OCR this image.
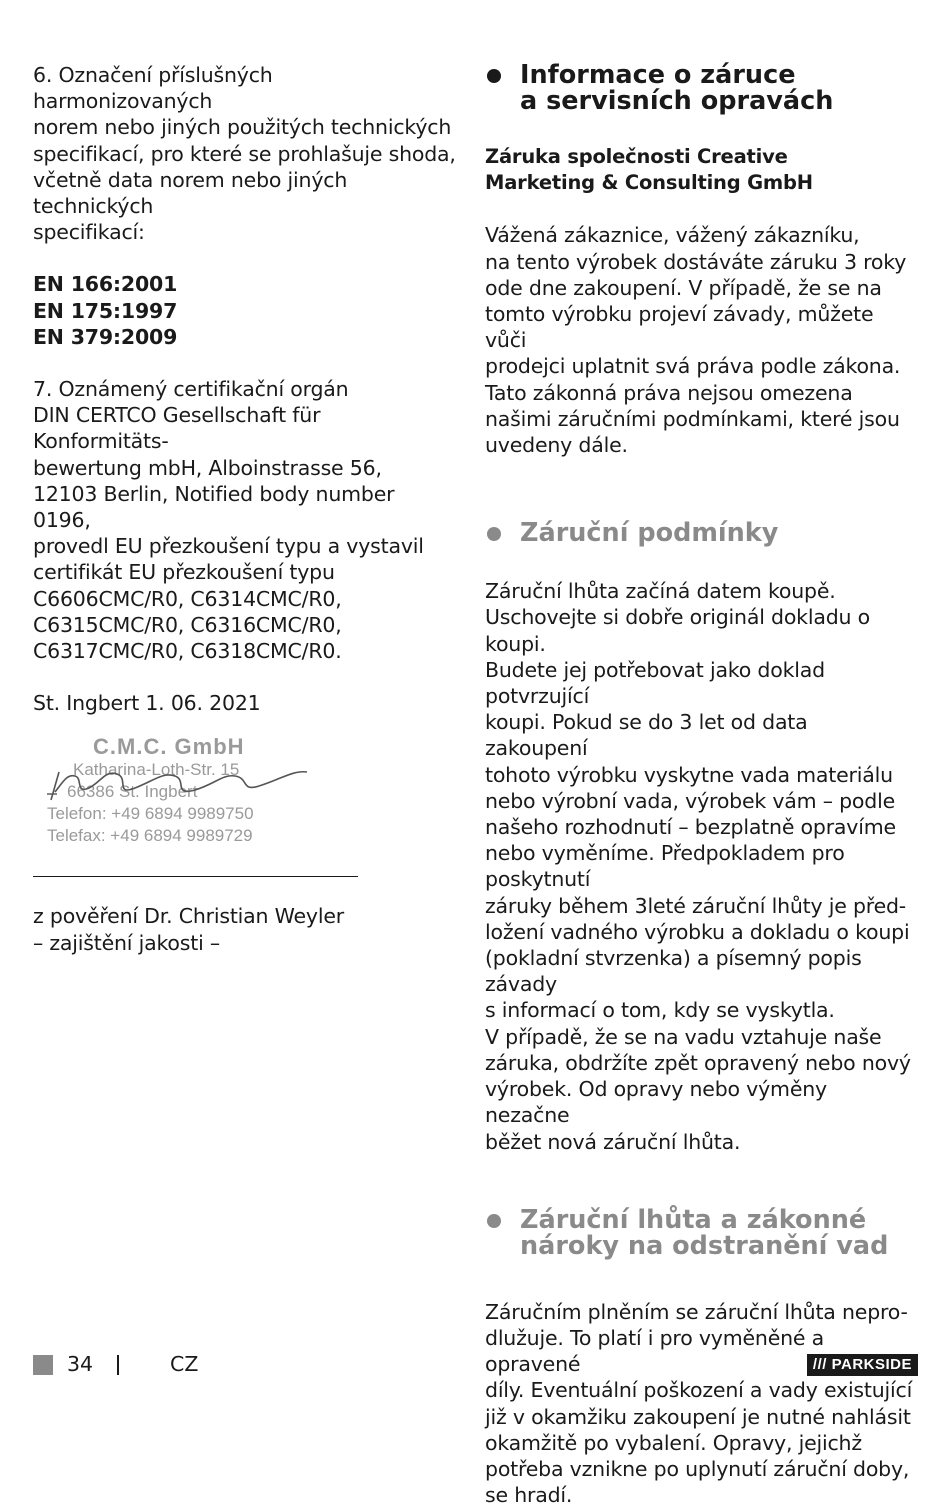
6. Označení příslušných harmonizovaných

norem nebo jiných použitých technických

specifikací, pro které se prohlašuje shoda,

včetně data norem nebo jiných technických

specifikací:

EN 166:2001

EN 175:1997

EN 379:2009

7. Oznámený certifikační orgán

DIN CERTCO Gesellschaft für Konformitäts-

bewertung mbH, Alboinstrasse 56,

12103 Berlin, Notified body number 0196,

provedl EU přezkoušení typu a vystavil

certifikát EU přezkoušení typu

C6606CMC/R0, C6314CMC/R0,

C6315CMC/R0, C6316CMC/R0,

C6317CMC/R0, C6318CMC/R0.

St. Ingbert 1. 06. 2021

C.M.C. GmbH
Katharina-Loth-Str. 15
66386 St. Ingbert
Telefon: +49 6894 9989750
Telefax: +49 6894 9989729

z pověření Dr. Christian Weyler

– zajištění jakosti –

Informace o záruce
a servisních opravách

Záruka společnosti Creative

Marketing & Consulting GmbH

Vážená zákaznice, vážený zákazníku,

na tento výrobek dostáváte záruku 3 roky

ode dne zakoupení. V případě, že se na

tomto výrobku projeví závady, můžete vůči

prodejci uplatnit svá práva podle zákona.

Tato zákonná práva nejsou omezena

našimi záručními podmínkami, které jsou

uvedeny dále.

Záruční podmínky

Záruční lhůta začíná datem koupě.

Uschovejte si dobře originál dokladu o koupi.

Budete jej potřebovat jako doklad potvrzující

koupi. Pokud se do 3 let od data zakoupení

tohoto výrobku vyskytne vada materiálu

nebo výrobní vada, výrobek vám – podle

našeho rozhodnutí – bezplatně opravíme

nebo vyměníme. Předpokladem pro poskytnutí

záruky během 3leté záruční lhůty je před-

ložení vadného výrobku a dokladu o koupi

(pokladní stvrzenka) a písemný popis závady

s informací o tom, kdy se vyskytla.

V případě, že se na vadu vztahuje naše

záruka, obdržíte zpět opravený nebo nový

výrobek. Od opravy nebo výměny nezačne

běžet nová záruční lhůta.

Záruční lhůta a zákonné
nároky na odstranění vad

Záručním plněním se záruční lhůta nepro-

dlužuje. To platí i pro vyměněné a opravené

díly. Eventuální poškození a vady existující

již v okamžiku zakoupení je nutné nahlásit

okamžitě po vybalení. Opravy, jejichž

potřeba vznikne po uplynutí záruční doby,

se hradí.

34	CZ	/// PARKSIDE
